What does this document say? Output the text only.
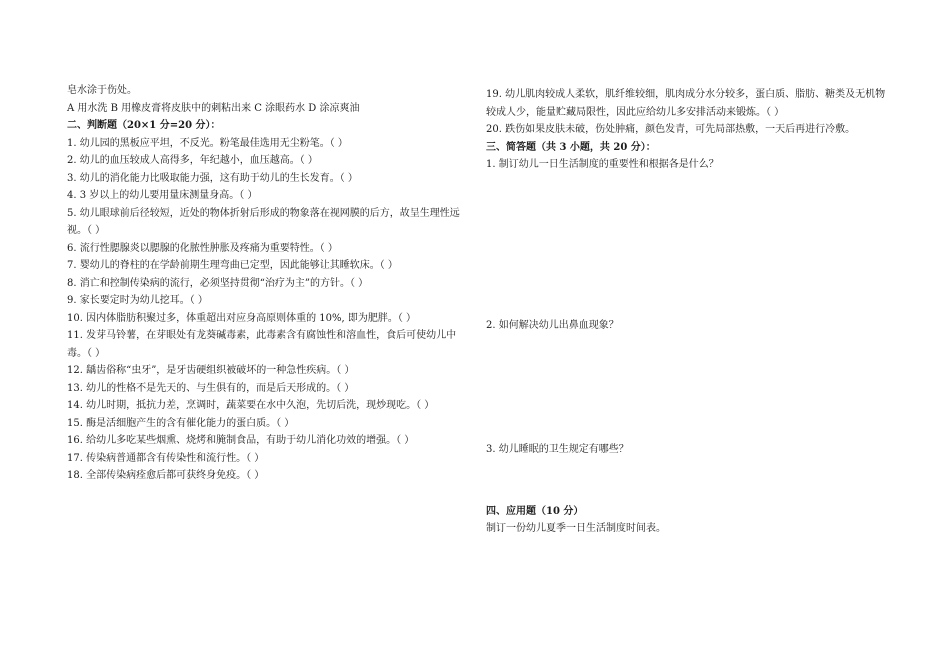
皂水涂于伤处。
A 用水洗 B 用橡皮膏将皮肤中的刺粘出来 C 涂眼药水 D 涂凉爽油
二、判断题（20×1 分=20 分）：
1. 幼儿园的黑板应平坦，不反光。粉笔最佳选用无尘粉笔。（ ）
2. 幼儿的血压较成人高得多，年纪越小，血压越高。（ ）
3. 幼儿的消化能力比吸取能力强，这有助于幼儿的生长发育。（ ）
4. 3 岁以上的幼儿要用量床测量身高。（ ）
5. 幼儿眼球前后径较短，近处的物体折射后形成的物象落在视网膜的后方，故呈生理性远视。（ ）
6. 流行性腮腺炎以腮腺的化脓性肿胀及疼痛为重要特性。（ ）
7. 婴幼儿的脊柱的在学龄前期生理弯曲已定型，因此能够让其睡软床。（ ）
8. 消亡和控制传染病的流行，必须坚持贯彻“治疗为主”的方针。（ ）
9. 家长要定时为幼儿挖耳。（ ）
10. 因内体脂肪积聚过多，体重超出对应身高原则体重的 10%, 即为肥胖。（ ）
11. 发芽马铃薯，在芽眼处有龙葵碱毒素，此毒素含有腐蚀性和溶血性，食后可使幼儿中毒。（ ）
12. 龋齿俗称“虫牙”，是牙齿硬组织被破坏的一种急性疾病。（ ）
13. 幼儿的性格不是先天的、与生俱有的，而是后天形成的。（ ）
14. 幼儿时期，抵抗力差，烹调时，蔬菜要在水中久泡，先切后洗，现炒现吃。（ ）
15. 酶是活细胞产生的含有催化能力的蛋白质。（ ）
16. 给幼儿多吃某些烟熏、烧烤和腌制食品，有助于幼儿消化功效的增强。（ ）
17. 传染病普通都含有传染性和流行性。（ ）
18. 全部传染病痊愈后都可获终身免疫。（ ）
19. 幼儿肌肉较成人柔软，肌纤维较细，肌肉成分水分较多，蛋白质、脂肪、糖类及无机物较成人少，能量贮藏局限性，因此应给幼儿多安排活动来锻炼。（ ）
20. 跌伤如果皮肤未破，伤处肿痛，颜色发青，可先局部热敷，一天后再进行冷敷。
三、简答题（共 3 小题，共 20 分）：
1. 制订幼儿一日生活制度的重要性和根据各是什么？
2. 如何解决幼儿出鼻血现象？
3. 幼儿睡眠的卫生规定有哪些？
四、应用题（10 分）
制订一份幼儿夏季一日生活制度时间表。
